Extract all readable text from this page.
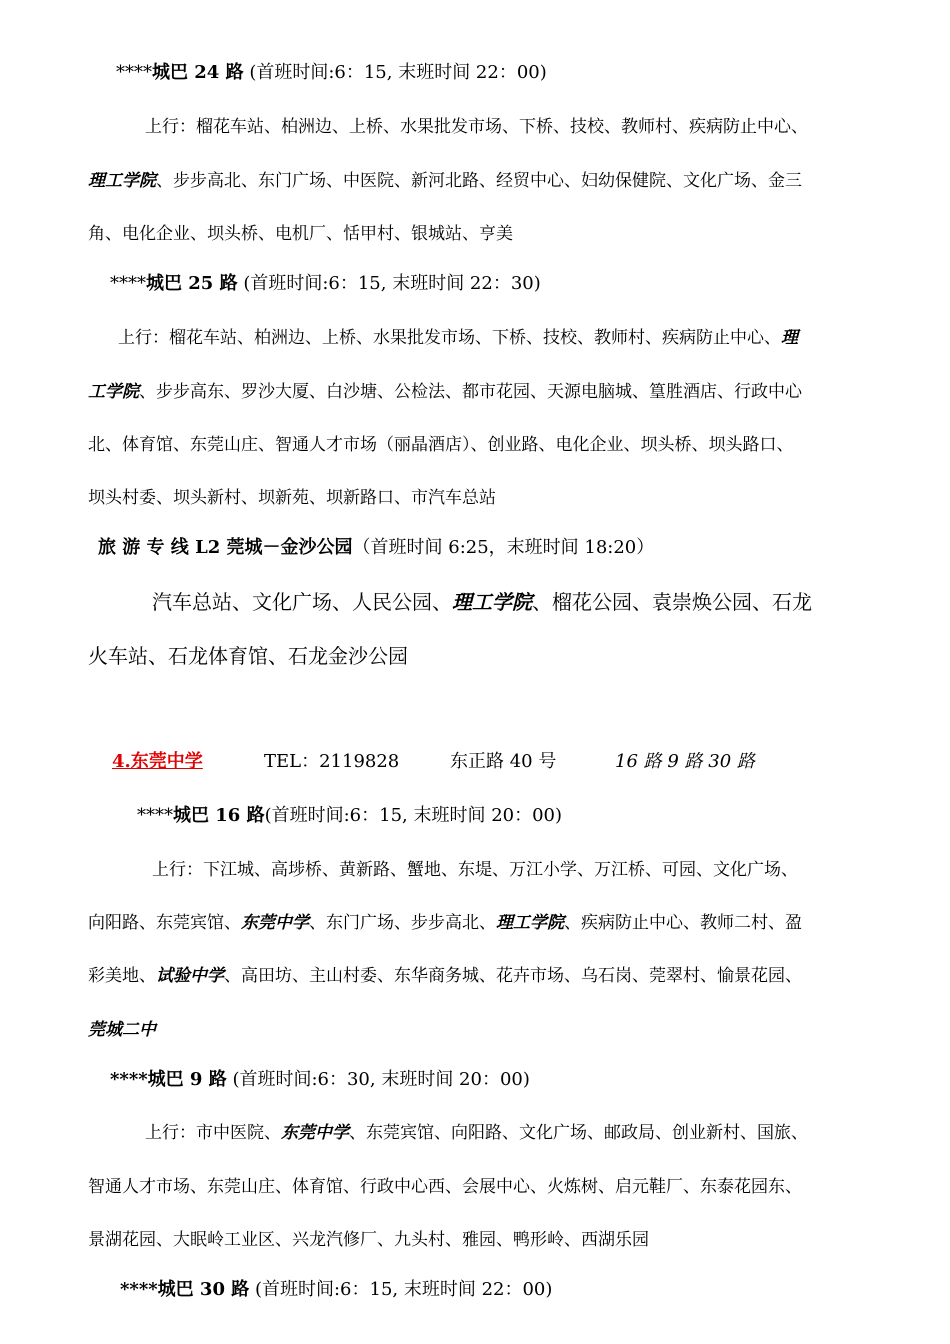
****城巴 24 路 (首班时间:6：15, 末班时间 22：00)
上行：榴花车站、柏洲边、上桥、水果批发市场、下桥、技校、教师村、疾病防止中心、
理工学院、步步高北、东门广场、中医院、新河北路、经贸中心、妇幼保健院、文化广场、金三
角、电化企业、坝头桥、电机厂、恬甲村、银城站、亨美
****城巴 25 路 (首班时间:6：15, 末班时间 22：30)
上行：榴花车站、柏洲边、上桥、水果批发市场、下桥、技校、教师村、疾病防止中心、理
工学院、步步高东、罗沙大厦、白沙塘、公检法、都市花园、天源电脑城、篁胜酒店、行政中心
北、体育馆、东莞山庄、智通人才市场（丽晶酒店）、创业路、电化企业、坝头桥、坝头路口、
坝头村委、坝头新村、坝新苑、坝新路口、市汽车总站
旅 游 专 线 L2 莞城－金沙公园（首班时间 6:25，末班时间 18:20）
汽车总站、文化广场、人民公园、理工学院、榴花公园、袁崇焕公园、石龙
火车站、石龙体育馆、石龙金沙公园
4.东莞中学	TEL：2119828	东正路 40 号	16 路 9 路 30 路
****城巴 16 路(首班时间:6：15, 末班时间 20：00)
上行：下江城、高埗桥、黄新路、蟹地、东堤、万江小学、万江桥、可园、文化广场、
向阳路、东莞宾馆、东莞中学、东门广场、步步高北、理工学院、疾病防止中心、教师二村、盈
彩美地、试验中学、高田坊、主山村委、东华商务城、花卉市场、乌石岗、莞翠村、愉景花园、
莞城二中
****城巴 9 路 (首班时间:6：30, 末班时间 20：00)
上行：市中医院、东莞中学、东莞宾馆、向阳路、文化广场、邮政局、创业新村、国旅、
智通人才市场、东莞山庄、体育馆、行政中心西、会展中心、火炼树、启元鞋厂、东泰花园东、
景湖花园、大眠岭工业区、兴龙汽修厂、九头村、雅园、鸭形岭、西湖乐园
****城巴 30 路 (首班时间:6：15, 末班时间 22：00)
